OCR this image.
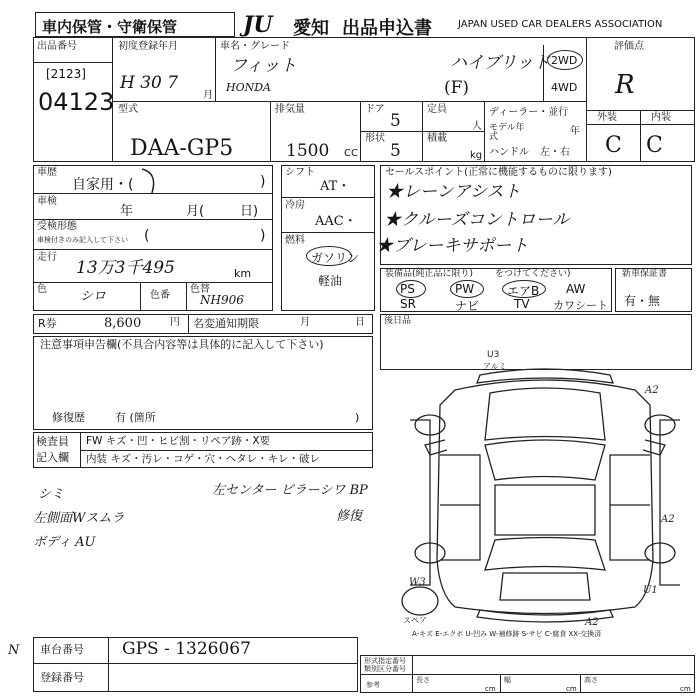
車内保管・守衛保管	JU 愛知 出品申込書	JAPAN USED CAR DEALERS ASSOCIATION
出品番号
[2123]
04123
初度登録年月
H 30 7
月
車名・グレード
フィット
HONDA
ハイブリッド
(F)
2WD
4WD
評価点
R
外装	内装
C C
型式
DAA-GP5
排気量
1500 CC
ドア
5
形状
5
定員
人
積載
kg
ディーラー・並行
モデル年式	年
ハンドル 左・右
車歴
自家用・(	)
車検
年	月(	日)
受検形態
車検付きのみ記入して下さい (	)
走行
13万3千495	km
色	シロ	色番
色替
NH906
シフト
AT・
冷房
AAC・
燃料
ガソリン
軽油
セールスポイント(正常に機能するものに限ります)
★レーンアシスト
★クルーズコントロール
★ブレーキサポート
装備品(純正品に限り) をつけてください)
PS	PW	エアB AW
SR	ナビ	TV カワシート
新車保証書
有・無
R券	8,600	円 名変通知期限	月	日 後日品
注意事項申告欄(不具合内容等は具体的に記入して下さい)
修復歴	有 (箇所	)
検査員
記入欄
FW キズ・凹・ヒビ割・リペア跡・X要
内装 キズ・汚レ・コゲ・穴・ヘタレ・キレ・破レ
シミ	左センター ピラーシワ BP
左側面Wスムラ	修復
ボディ AU
U3
アルミ
A2
A2
U1
W3
A2
スペア
A-キズ E-エクボ U-凹み W-補修跡 S-サビ C-腐食 XX-交換済
N 車台番号 GPS - 1326067
登録番号
形式指定番号
類別区分番号
参考
長さ
cm
幅
cm
高さ
cm
